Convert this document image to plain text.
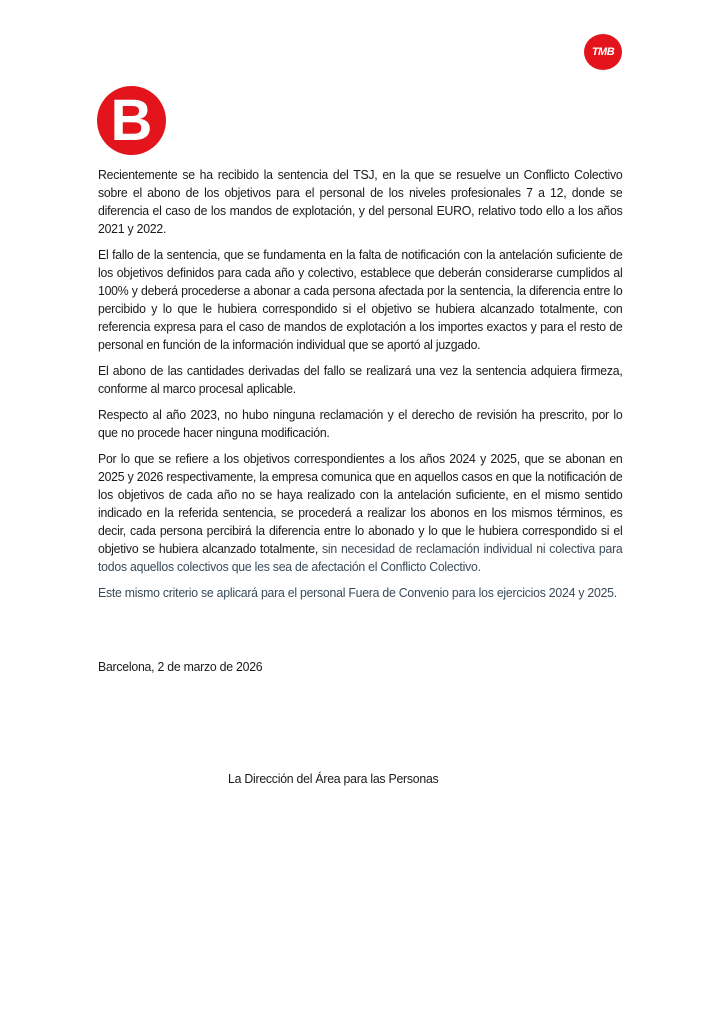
TMB
B

Recientemente se ha recibido la sentencia del TSJ, en la que se resuelve un Conflicto Colectivo sobre el abono de los objetivos para el personal de los niveles profesionales 7 a 12, donde se diferencia el caso de los mandos de explotación, y del personal EURO, relativo todo ello a los años 2021 y 2022.

El fallo de la sentencia, que se fundamenta en la falta de notificación con la antelación suficiente de los objetivos definidos para cada año y colectivo, establece que deberán considerarse cumplidos al 100% y deberá procederse a abonar a cada persona afectada por la sentencia, la diferencia entre lo percibido y lo que le hubiera correspondido si el objetivo se hubiera alcanzado totalmente, con referencia expresa para el caso de mandos de explotación a los importes exactos y para el resto de personal en función de la información individual que se aportó al juzgado.

El abono de las cantidades derivadas del fallo se realizará una vez la sentencia adquiera firmeza, conforme al marco procesal aplicable.

Respecto al año 2023, no hubo ninguna reclamación y el derecho de revisión ha prescrito, por lo que no procede hacer ninguna modificación.

Por lo que se refiere a los objetivos correspondientes a los años 2024 y 2025, que se abonan en 2025 y 2026 respectivamente, la empresa comunica que en aquellos casos en que la notificación de los objetivos de cada año no se haya realizado con la antelación suficiente, en el mismo sentido indicado en la referida sentencia, se procederá a realizar los abonos en los mismos términos, es decir, cada persona percibirá la diferencia entre lo abonado y lo que le hubiera correspondido si el objetivo se hubiera alcanzado totalmente, sin necesidad de reclamación individual ni colectiva para todos aquellos colectivos que les sea de afectación el Conflicto Colectivo.

Este mismo criterio se aplicará para el personal Fuera de Convenio para los ejercicios 2024 y 2025.

Barcelona, 2 de marzo de 2026
La Dirección del Área para las Personas
